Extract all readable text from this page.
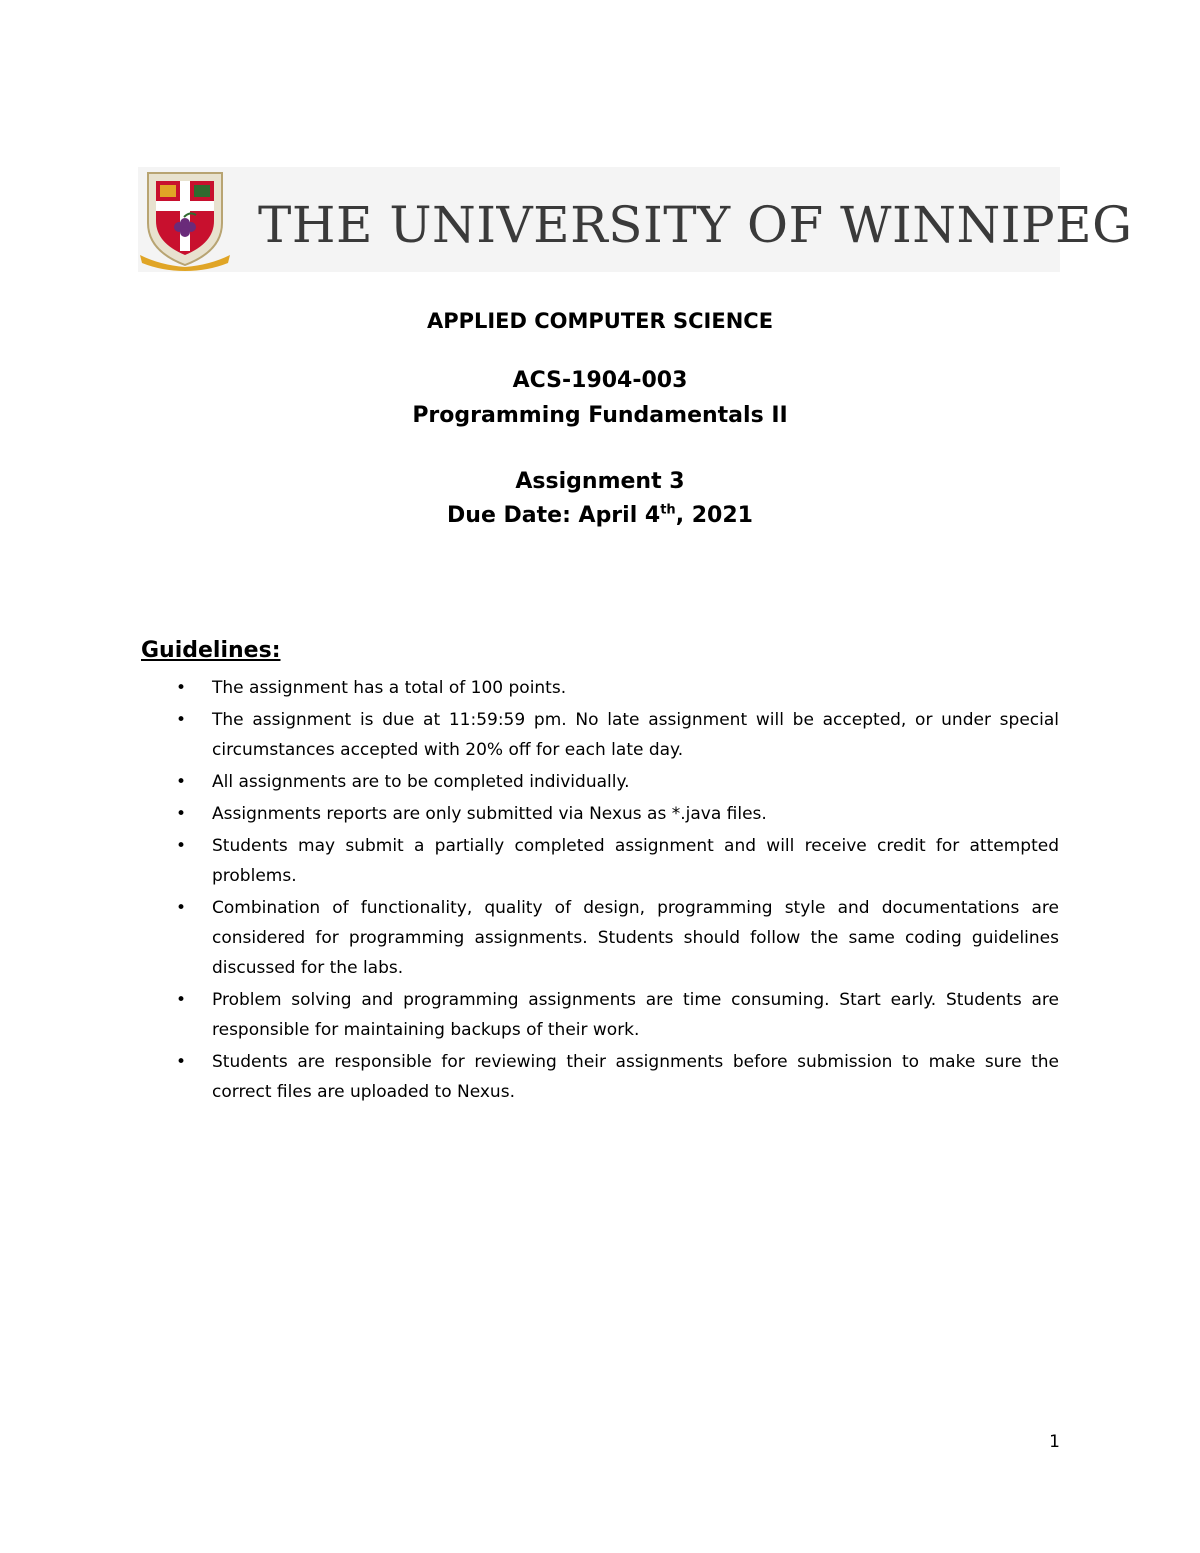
THE UNIVERSITY OF WINNIPEG
APPLIED COMPUTER SCIENCE
ACS-1904-003
Programming Fundamentals II
Assignment 3
Due Date: April 4th, 2021
Guidelines:
• The assignment has a total of 100 points.
• The assignment is due at 11:59:59 pm. No late assignment will be accepted, or under special circumstances accepted with 20% off for each late day.
• All assignments are to be completed individually.
• Assignments reports are only submitted via Nexus as *.java files.
• Students may submit a partially completed assignment and will receive credit for attempted problems.
• Combination of functionality, quality of design, programming style and documentations are considered for programming assignments. Students should follow the same coding guidelines discussed for the labs.
• Problem solving and programming assignments are time consuming. Start early. Students are responsible for maintaining backups of their work.
• Students are responsible for reviewing their assignments before submission to make sure the correct files are uploaded to Nexus.
1
